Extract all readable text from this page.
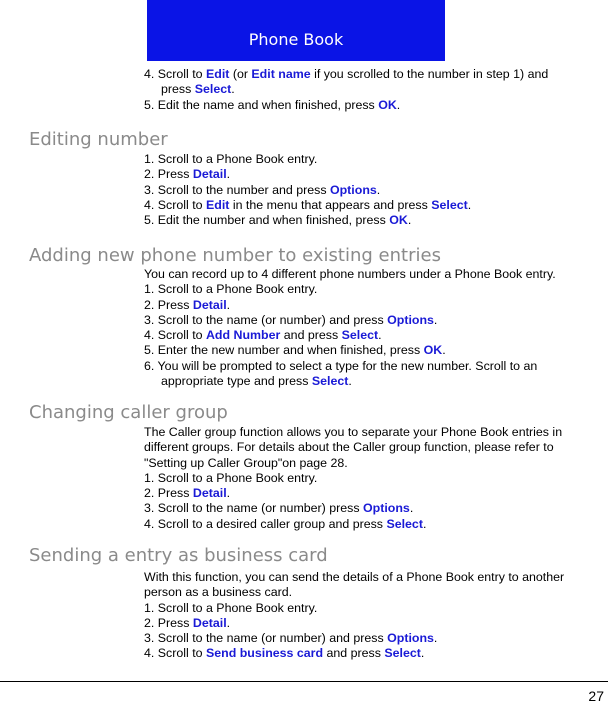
Phone Book

4. Scroll to Edit (or Edit name if you scrolled to the number in step 1) and

press Select.

5. Edit the name and when finished, press OK.

Editing number

1. Scroll to a Phone Book entry.

2. Press Detail.

3. Scroll to the number and press Options.

4. Scroll to Edit in the menu that appears and press Select.

5. Edit the number and when finished, press OK.

Adding new phone number to existing entries

You can record up to 4 different phone numbers under a Phone Book entry.

1. Scroll to a Phone Book entry.

2. Press Detail.

3. Scroll to the name (or number) and press Options.

4. Scroll to Add Number and press Select.

5. Enter the new number and when finished, press OK.

6. You will be prompted to select a type for the new number. Scroll to an

appropriate type and press Select.

Changing caller group

The Caller group function allows you to separate your Phone Book entries in

different groups. For details about the Caller group function, please refer to

"Setting up Caller Group"on page 28.

1. Scroll to a Phone Book entry.

2. Press Detail.

3. Scroll to the name (or number) press Options.

4. Scroll to a desired caller group and press Select.

Sending a entry as business card

With this function, you can send the details of a Phone Book entry to another

person as a business card.

1. Scroll to a Phone Book entry.

2. Press Detail.

3. Scroll to the name (or number) and press Options.

4. Scroll to Send business card and press Select.

27
